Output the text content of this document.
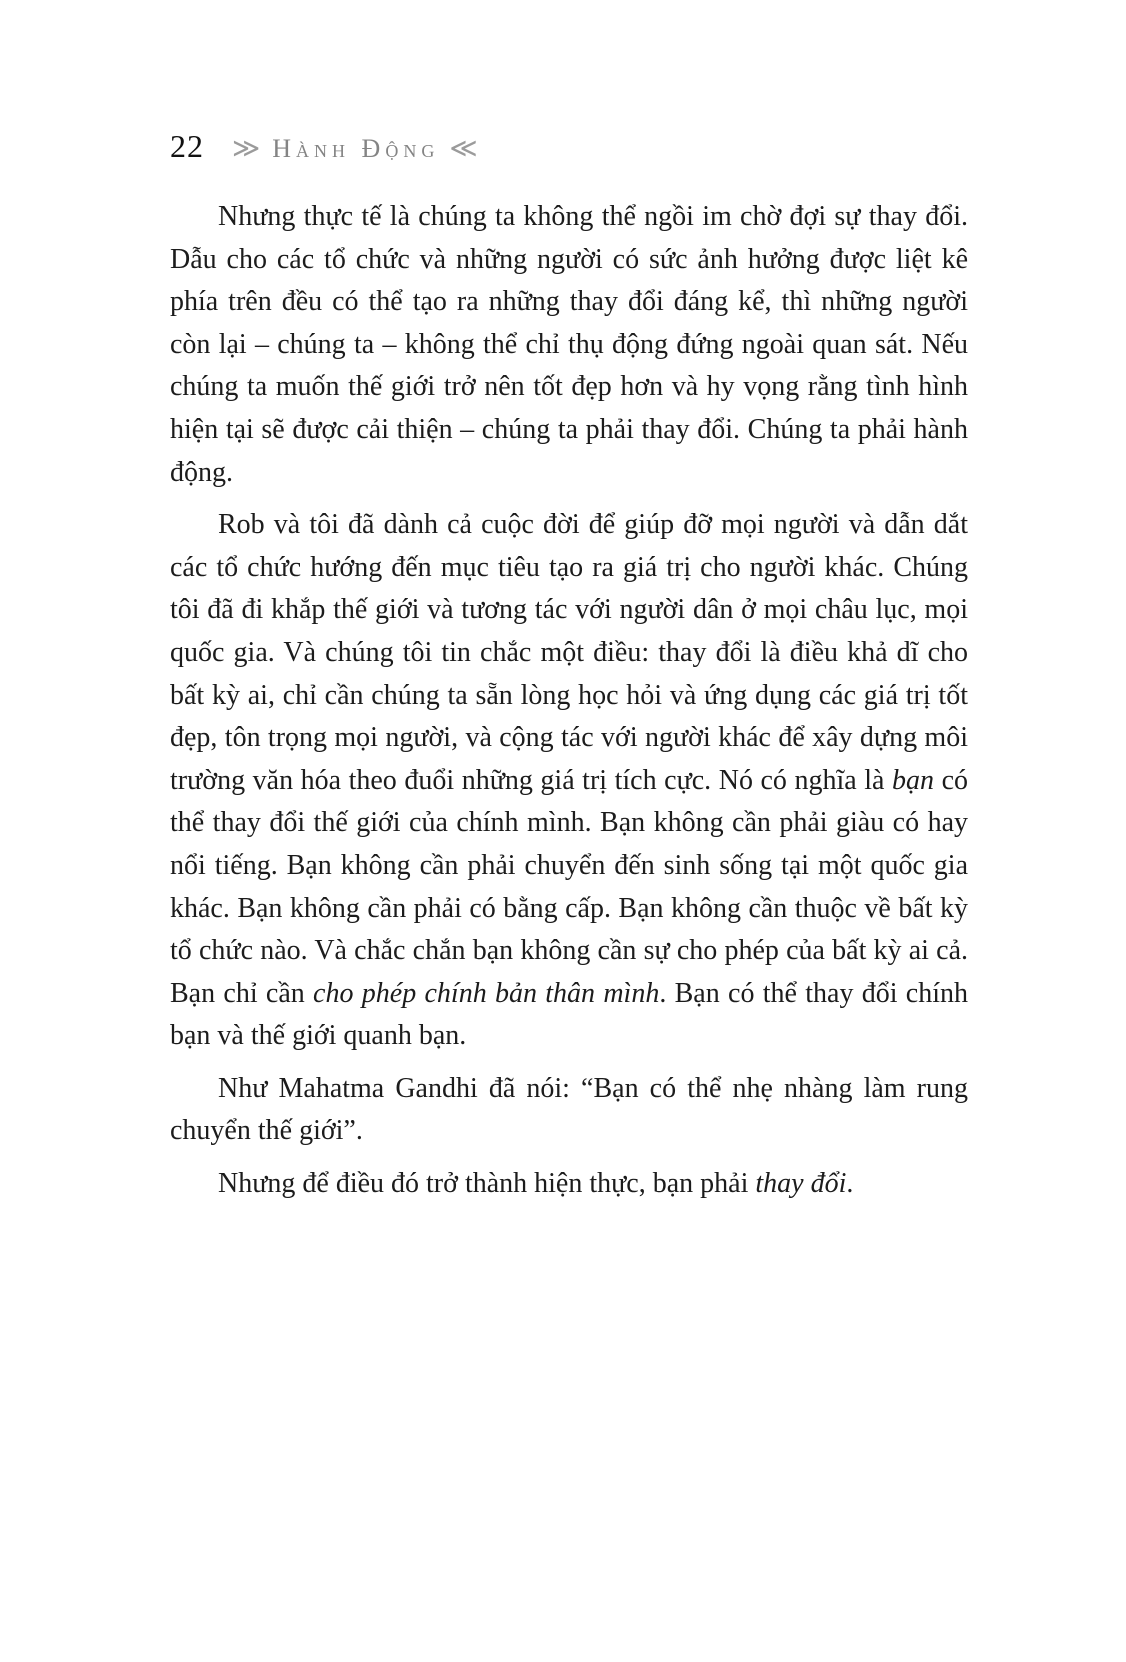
22 ≫ Hành Động ≪

Nhưng thực tế là chúng ta không thể ngồi im chờ đợi sự thay đổi. Dẫu cho các tổ chức và những người có sức ảnh hưởng được liệt kê phía trên đều có thể tạo ra những thay đổi đáng kể, thì những người còn lại – chúng ta – không thể chỉ thụ động đứng ngoài quan sát. Nếu chúng ta muốn thế giới trở nên tốt đẹp hơn và hy vọng rằng tình hình hiện tại sẽ được cải thiện – chúng ta phải thay đổi. Chúng ta phải hành động.

Rob và tôi đã dành cả cuộc đời để giúp đỡ mọi người và dẫn dắt các tổ chức hướng đến mục tiêu tạo ra giá trị cho người khác. Chúng tôi đã đi khắp thế giới và tương tác với người dân ở mọi châu lục, mọi quốc gia. Và chúng tôi tin chắc một điều: thay đổi là điều khả dĩ cho bất kỳ ai, chỉ cần chúng ta sẵn lòng học hỏi và ứng dụng các giá trị tốt đẹp, tôn trọng mọi người, và cộng tác với người khác để xây dựng môi trường văn hóa theo đuổi những giá trị tích cực. Nó có nghĩa là bạn có thể thay đổi thế giới của chính mình. Bạn không cần phải giàu có hay nổi tiếng. Bạn không cần phải chuyển đến sinh sống tại một quốc gia khác. Bạn không cần phải có bằng cấp. Bạn không cần thuộc về bất kỳ tổ chức nào. Và chắc chắn bạn không cần sự cho phép của bất kỳ ai cả. Bạn chỉ cần cho phép chính bản thân mình. Bạn có thể thay đổi chính bạn và thế giới quanh bạn.

Như Mahatma Gandhi đã nói: “Bạn có thể nhẹ nhàng làm rung chuyển thế giới”.

Nhưng để điều đó trở thành hiện thực, bạn phải thay đổi.
